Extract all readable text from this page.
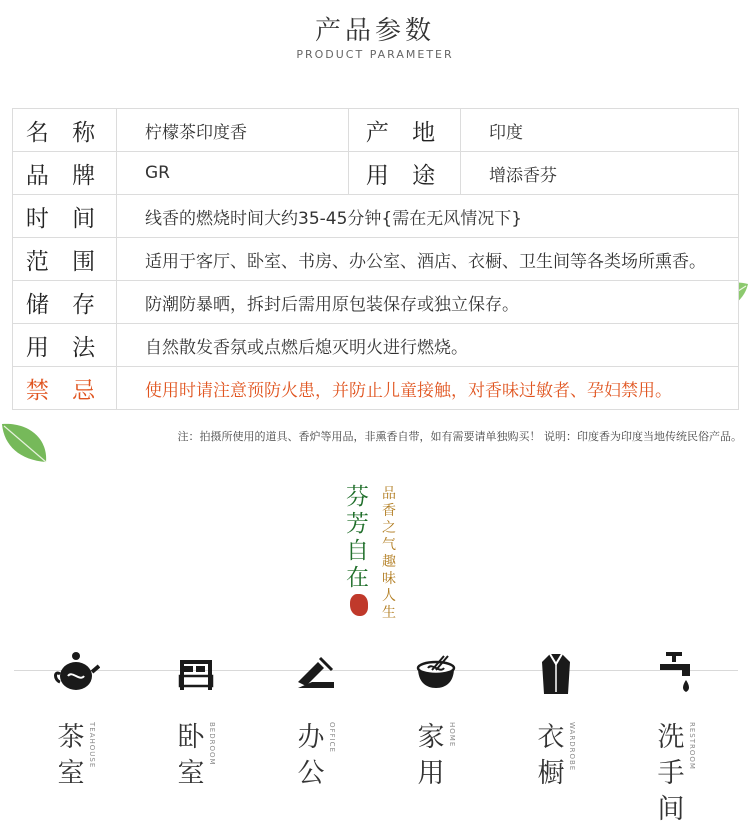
产品参数
PRODUCT PARAMETER
名 称	柠檬茶印度香	产 地	印度
品 牌	GR	用 途	增添香芬
时 间	线香的燃烧时间大约35-45分钟{需在无风情况下}		
范 围	适用于客厅、卧室、书房、办公室、酒店、衣橱、卫生间等各类场所熏香。		
储 存	防潮防暴晒，拆封后需用原包装保存或独立保存。		
用 法	自然散发香氛或点燃后熄灭明火进行燃烧。		
禁 忌	使用时请注意预防火患，并防止儿童接触，对香味过敏者、孕妇禁用。		
注：拍摄所使用的道具、香炉等用品，非熏香自带，如有需要请单独购买！ 说明：印度香为印度当地传统民俗产品。
芬芳自在
品香之气趣味人生
茶室
TEAHOUSE	卧室
BEDROOM	办公
OFFICE	家用
HOME	衣橱
WARDROBE	洗手间
RESTROOM
